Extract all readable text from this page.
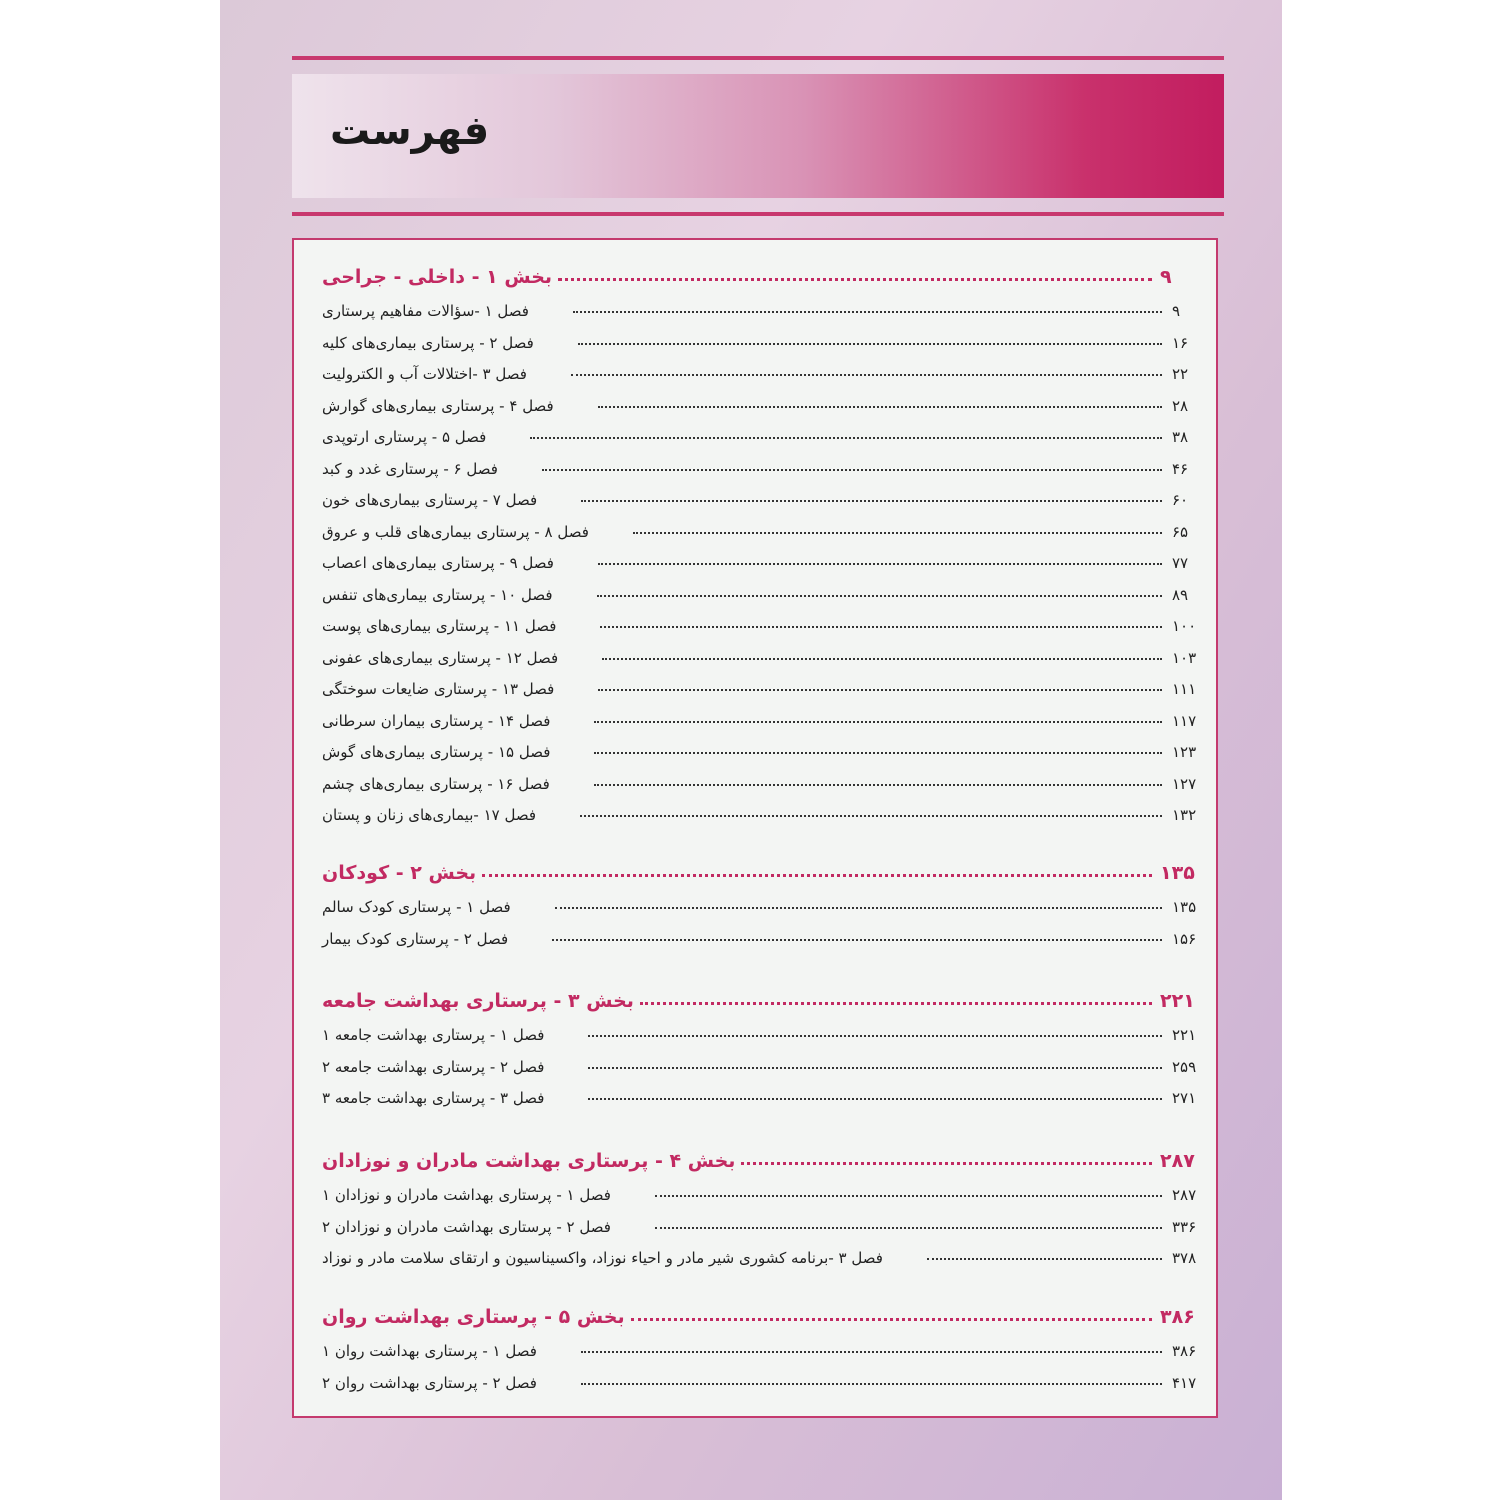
فهرست
بخش ۱ - داخلی - جراحی	۹
فصل ۱ -سؤالات مفاهیم پرستاری	۹
فصل ۲ - پرستاری بیماری‌های کلیه	۱۶
فصل ۳ -اختلالات آب و الکترولیت	۲۲
فصل ۴ - پرستاری بیماری‌های گوارش	۲۸
فصل ۵ - پرستاری ارتوپدی	۳۸
فصل ۶ - پرستاری غدد و کبد	۴۶
فصل ۷ - پرستاری بیماری‌های خون	۶۰
فصل ۸ - پرستاری بیماری‌های قلب و عروق	۶۵
فصل ۹ - پرستاری بیماری‌های اعصاب	۷۷
فصل ۱۰ - پرستاری بیماری‌های تنفس	۸۹
فصل ۱۱ - پرستاری بیماری‌های پوست	۱۰۰
فصل ۱۲ - پرستاری بیماری‌های عفونی	۱۰۳
فصل ۱۳ - پرستاری ضایعات سوختگی	۱۱۱
فصل ۱۴ - پرستاری بیماران سرطانی	۱۱۷
فصل ۱۵ - پرستاری بیماری‌های گوش	۱۲۳
فصل ۱۶ - پرستاری بیماری‌های چشم	۱۲۷
فصل ۱۷ -بیماری‌های زنان و پستان	۱۳۲
بخش ۲ - کودکان	۱۳۵
فصل ۱ - پرستاری کودک سالم	۱۳۵
فصل ۲ - پرستاری کودک بیمار	۱۵۶
بخش ۳ - پرستاری بهداشت جامعه	۲۲۱
فصل ۱ - پرستاری بهداشت جامعه ۱	۲۲۱
فصل ۲ - پرستاری بهداشت جامعه ۲	۲۵۹
فصل ۳ - پرستاری بهداشت جامعه ۳	۲۷۱
بخش ۴ - پرستاری بهداشت مادران و نوزادان	۲۸۷
فصل ۱ - پرستاری بهداشت مادران و نوزادان ۱	۲۸۷
فصل ۲ - پرستاری بهداشت مادران و نوزادان ۲	۳۳۶
فصل ۳ -برنامه کشوری شیر مادر و احیاء نوزاد، واکسیناسیون و ارتقای سلامت مادر و نوزاد	۳۷۸
بخش ۵ - پرستاری بهداشت روان	۳۸۶
فصل ۱ - پرستاری بهداشت روان ۱	۳۸۶
فصل ۲ - پرستاری بهداشت روان ۲	۴۱۷
